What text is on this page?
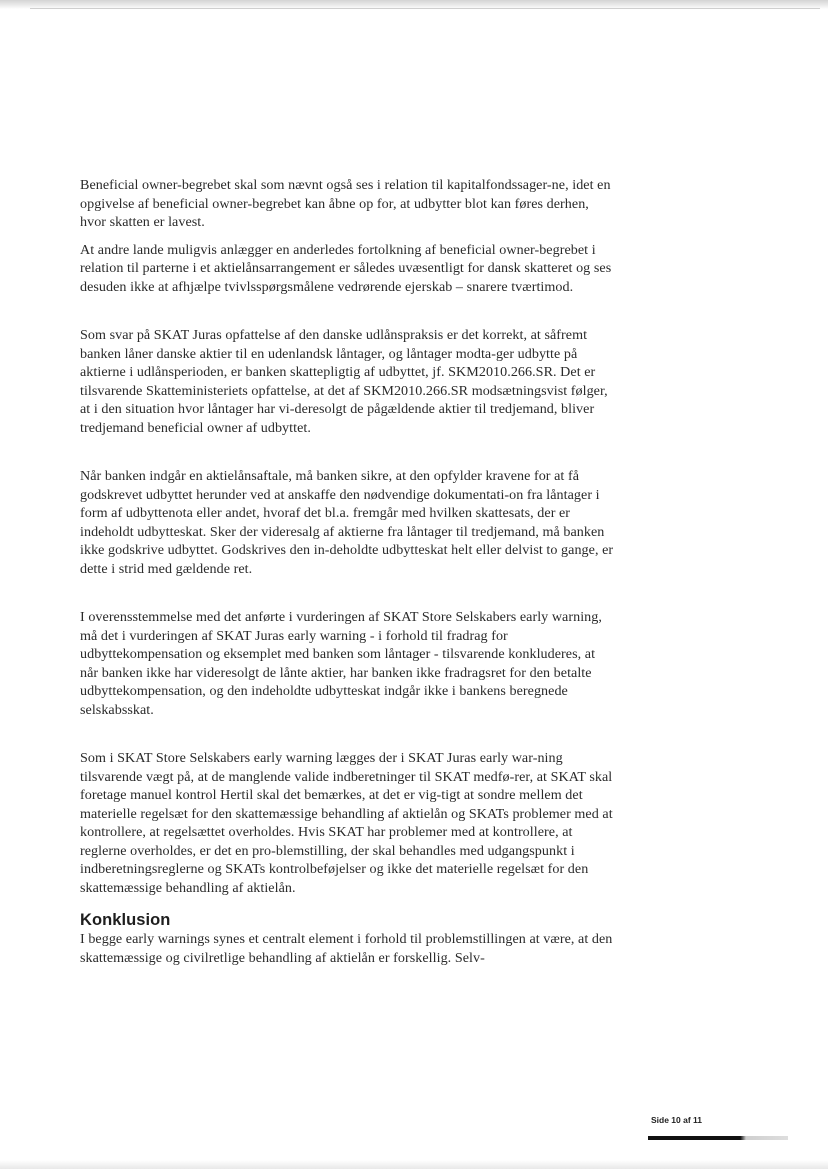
Beneficial owner-begrebet skal som nævnt også ses i relation til kapitalfondssager-ne, idet en opgivelse af beneficial owner-begrebet kan åbne op for, at udbytter blot kan føres derhen, hvor skatten er lavest.

At andre lande muligvis anlægger en anderledes fortolkning af beneficial owner-begrebet i relation til parterne i et aktielånsarrangement er således uvæsentligt for dansk skatteret og ses desuden ikke at afhjælpe tvivlsspørgsmålene vedrørende ejerskab – snarere tværtimod.

Som svar på SKAT Juras opfattelse af den danske udlånspraksis er det korrekt, at såfremt banken låner danske aktier til en udenlandsk låntager, og låntager modta-ger udbytte på aktierne i udlånsperioden, er banken skattepligtig af udbyttet, jf. SKM2010.266.SR. Det er tilsvarende Skatteministeriets opfattelse, at det af SKM2010.266.SR modsætningsvist følger, at i den situation hvor låntager har vi-deresolgt de pågældende aktier til tredjemand, bliver tredjemand beneficial owner af udbyttet.

Når banken indgår en aktielånsaftale, må banken sikre, at den opfylder kravene for at få godskrevet udbyttet herunder ved at anskaffe den nødvendige dokumentati-on fra låntager i form af udbyttenota eller andet, hvoraf det bl.a. fremgår med hvilken skattesats, der er indeholdt udbytteskat. Sker der videresalg af aktierne fra låntager til tredjemand, må banken ikke godskrive udbyttet. Godskrives den in-deholdte udbytteskat helt eller delvist to gange, er dette i strid med gældende ret.

I overensstemmelse med det anførte i vurderingen af SKAT Store Selskabers early warning, må det i vurderingen af SKAT Juras early warning - i forhold til fradrag for udbyttekompensation og eksemplet med banken som låntager - tilsvarende konkluderes, at når banken ikke har videresolgt de lånte aktier, har banken ikke fradragsret for den betalte udbyttekompensation, og den indeholdte udbytteskat indgår ikke i bankens beregnede selskabsskat.

Som i SKAT Store Selskabers early warning lægges der i SKAT Juras early war-ning tilsvarende vægt på, at de manglende valide indberetninger til SKAT medfø-rer, at SKAT skal foretage manuel kontrol Hertil skal det bemærkes, at det er vig-tigt at sondre mellem det materielle regelsæt for den skattemæssige behandling af aktielån og SKATs problemer med at kontrollere, at regelsættet overholdes. Hvis SKAT har problemer med at kontrollere, at reglerne overholdes, er det en pro-blemstilling, der skal behandles med udgangspunkt i indberetningsreglerne og SKATs kontrolbeføjelser og ikke det materielle regelsæt for den skattemæssige behandling af aktielån.

Konklusion

I begge early warnings synes et centralt element i forhold til problemstillingen at være, at den skattemæssige og civilretlige behandling af aktielån er forskellig. Selv-

Side 10 af 11
